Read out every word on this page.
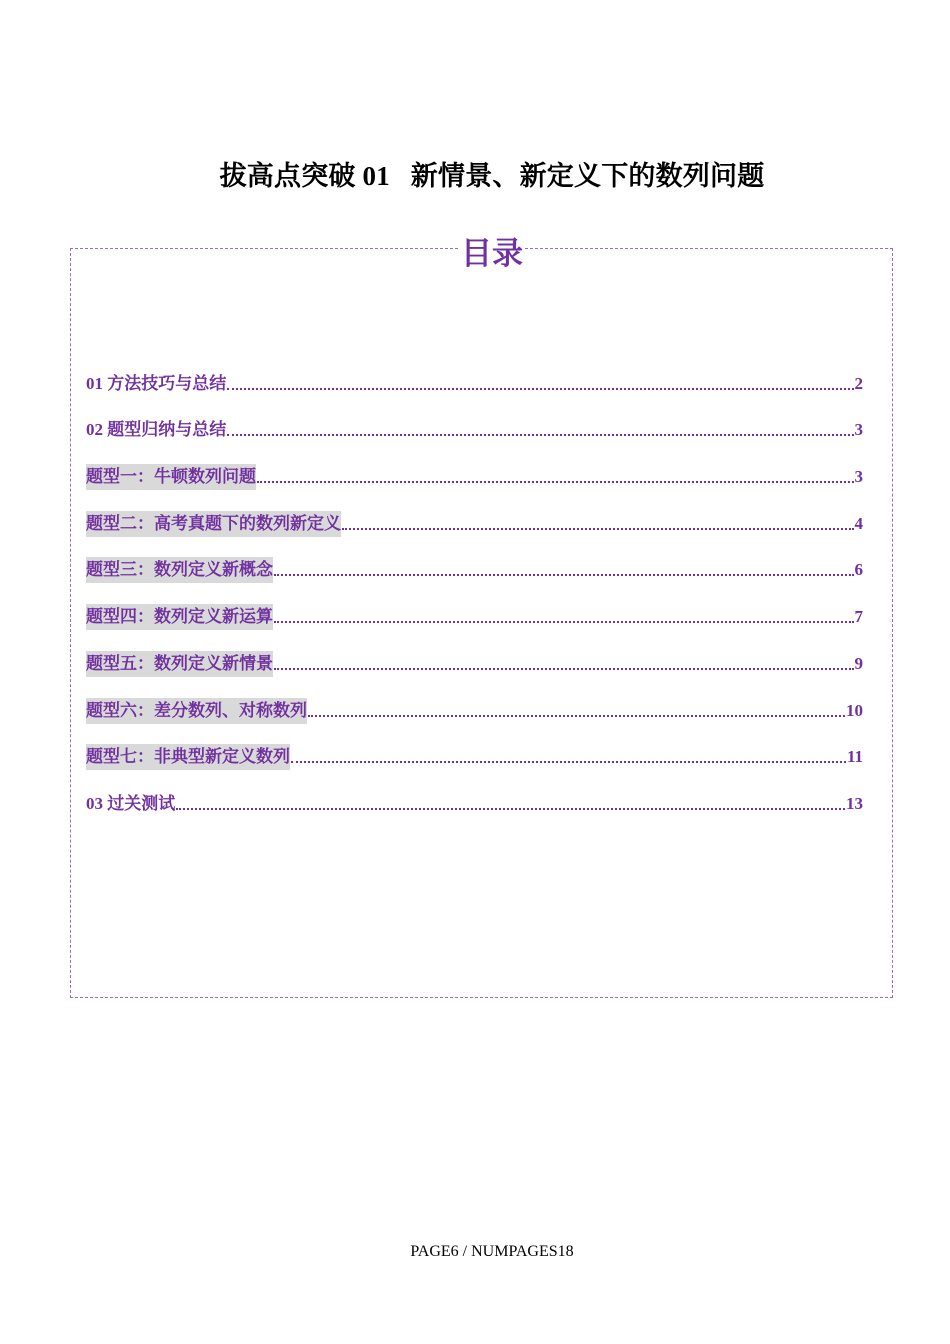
拔高点突破 01   新情景、新定义下的数列问题
目录
01 方法技巧与总结	2
02 题型归纳与总结	3
题型一：牛顿数列问题	3
题型二：高考真题下的数列新定义	4
题型三：数列定义新概念	6
题型四：数列定义新运算	7
题型五：数列定义新情景	9
题型六：差分数列、对称数列	10
题型七：非典型新定义数列	11
03 过关测试	13
PAGE6 / NUMPAGES18
